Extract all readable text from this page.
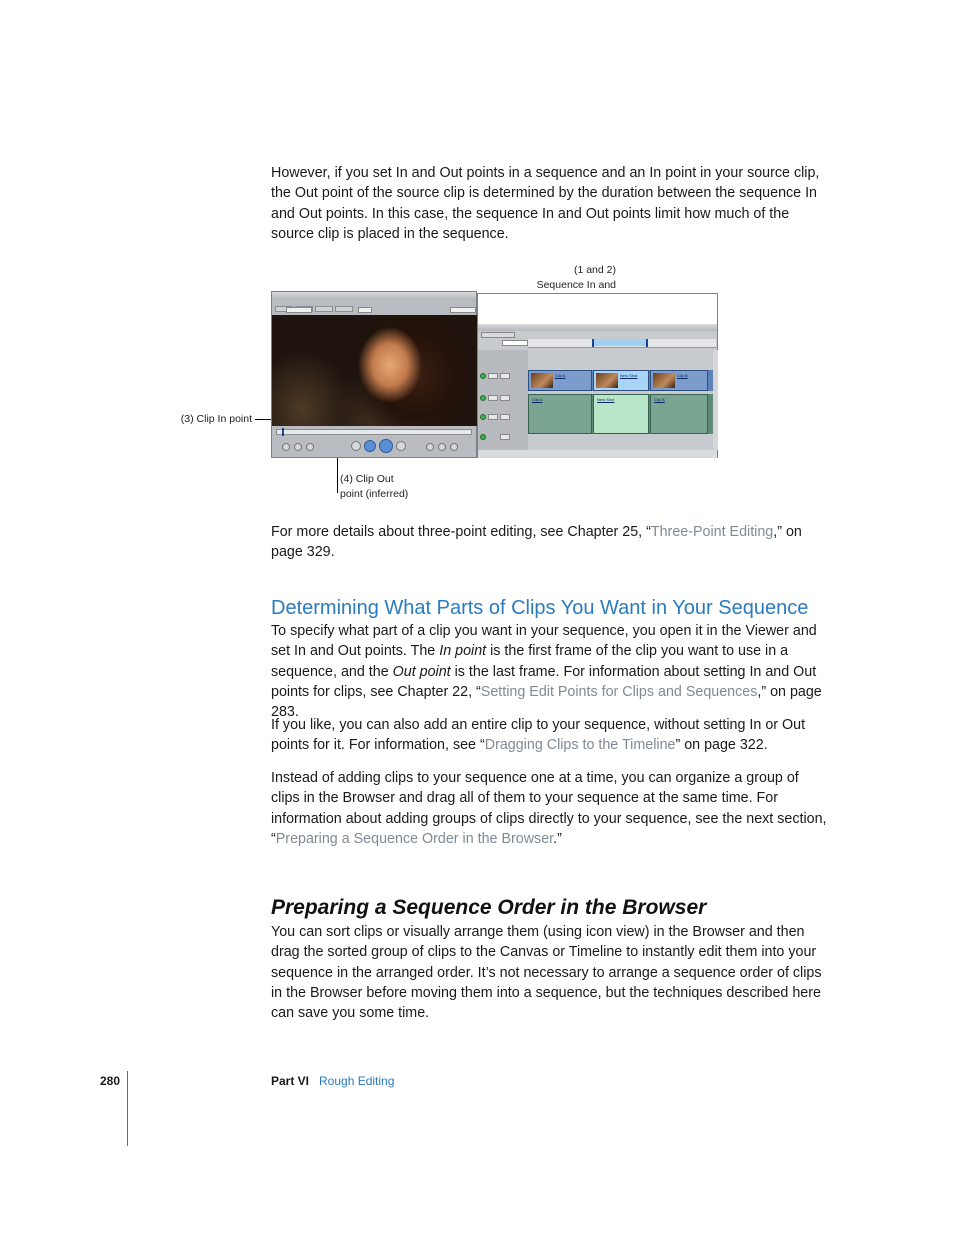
However, if you set In and Out points in a sequence and an In point in your source clip, the Out point of the source clip is determined by the duration between the sequence In and Out points. In this case, the sequence In and Out points limit how much of the source clip is placed in the sequence.
(1 and 2)
Sequence In and
(3) Clip In point
(4) Clip Out
point (inferred)
Clip A	New Shot	Clip B
Clip A	New Shot	Clip B
For more details about three-point editing, see Chapter 25, “Three-Point Editing,” on page 329.
Determining What Parts of Clips You Want in Your Sequence
To specify what part of a clip you want in your sequence, you open it in the Viewer and set In and Out points. The In point is the first frame of the clip you want to use in a sequence, and the Out point is the last frame. For information about setting In and Out points for clips, see Chapter 22, “Setting Edit Points for Clips and Sequences,” on page 283.
If you like, you can also add an entire clip to your sequence, without setting In or Out points for it. For information, see “Dragging Clips to the Timeline” on page 322.
Instead of adding clips to your sequence one at a time, you can organize a group of clips in the Browser and drag all of them to your sequence at the same time. For information about adding groups of clips directly to your sequence, see the next section, “Preparing a Sequence Order in the Browser.”
Preparing a Sequence Order in the Browser
You can sort clips or visually arrange them (using icon view) in the Browser and then drag the sorted group of clips to the Canvas or Timeline to instantly edit them into your sequence in the arranged order. It’s not necessary to arrange a sequence order of clips in the Browser before moving them into a sequence, but the techniques described here can save you some time.
280	Part VI Rough Editing
